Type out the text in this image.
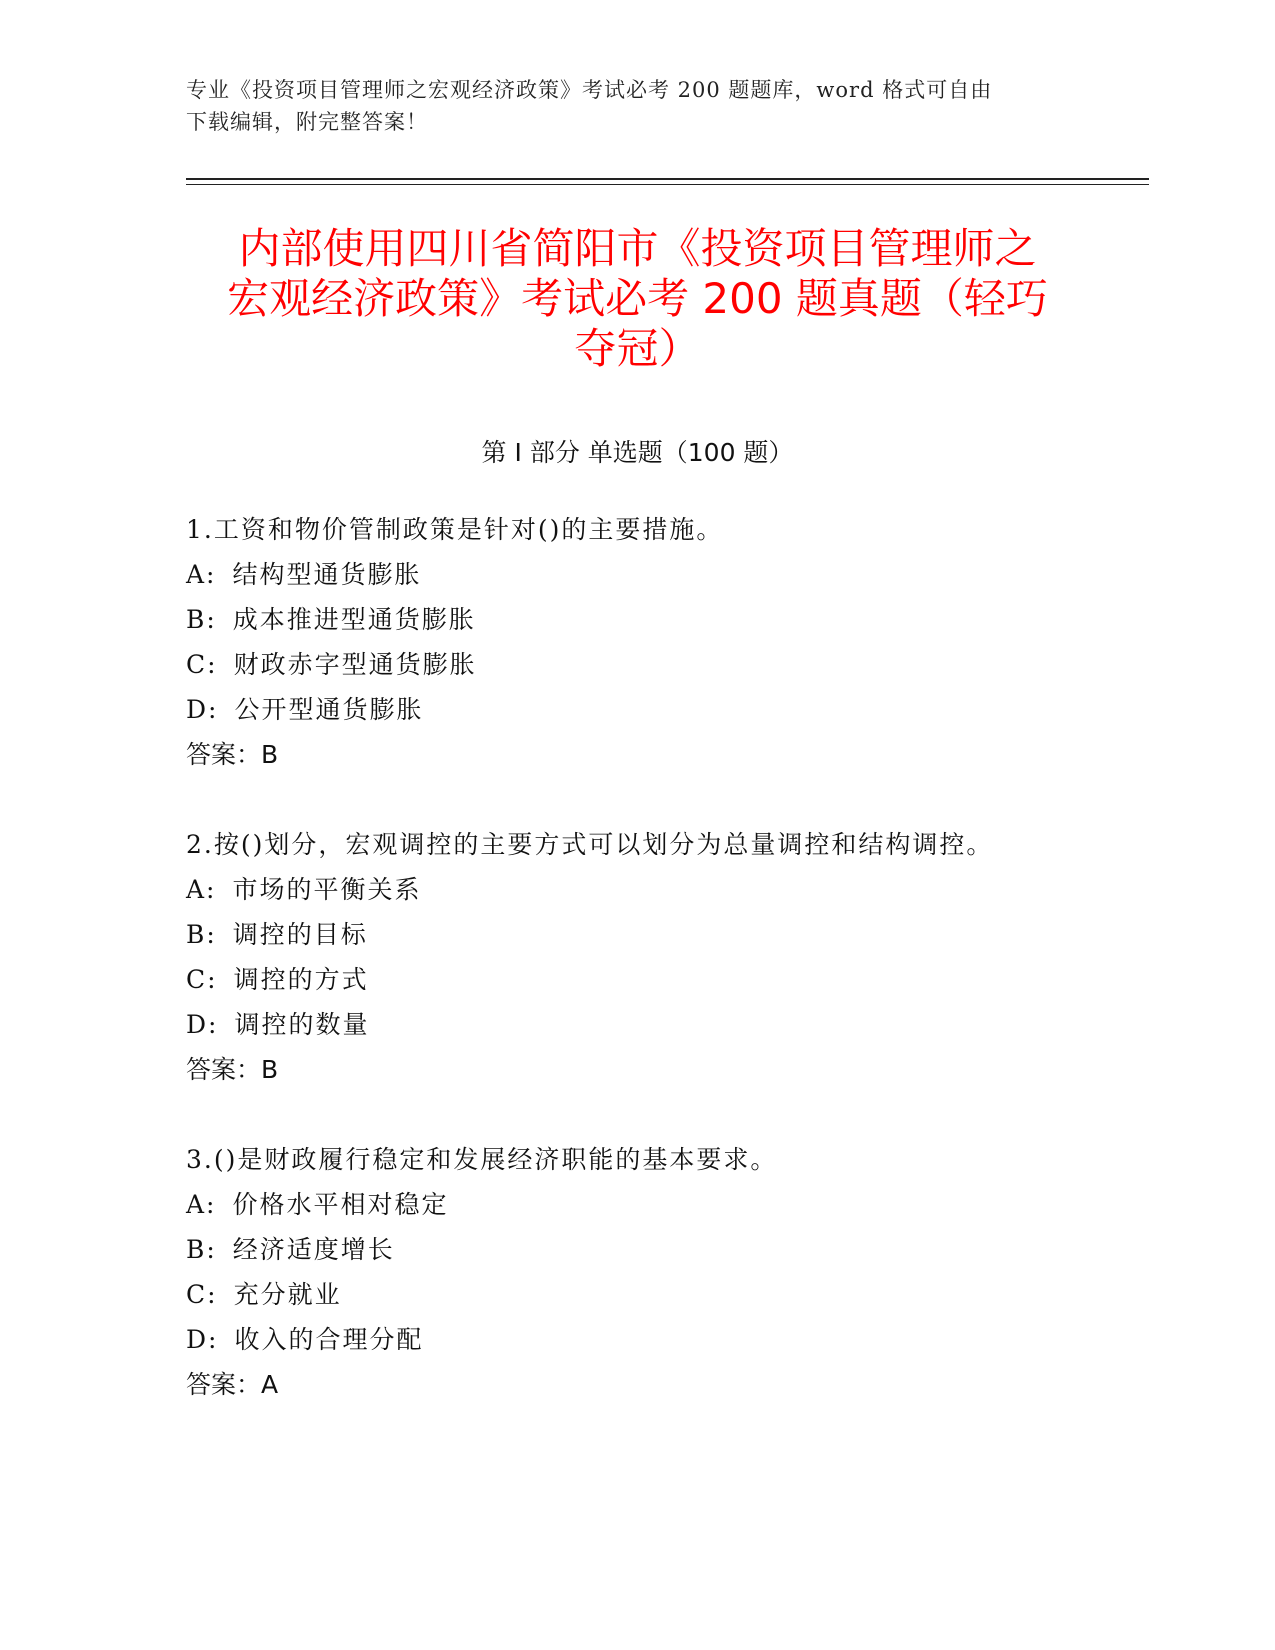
专业《投资项目管理师之宏观经济政策》考试必考 200 题题库，word 格式可自由
下载编辑，附完整答案！
内部使用四川省简阳市《投资项目管理师之
宏观经济政策》考试必考 200 题真题（轻巧
夺冠）
第 I 部分 单选题（100 题）
1.工资和物价管制政策是针对()的主要措施。
A: 结构型通货膨胀
B: 成本推进型通货膨胀
C: 财政赤字型通货膨胀
D: 公开型通货膨胀
答案：B
2.按()划分，宏观调控的主要方式可以划分为总量调控和结构调控。
A: 市场的平衡关系
B: 调控的目标
C: 调控的方式
D: 调控的数量
答案：B
3.()是财政履行稳定和发展经济职能的基本要求。
A: 价格水平相对稳定
B: 经济适度增长
C: 充分就业
D: 收入的合理分配
答案：A
